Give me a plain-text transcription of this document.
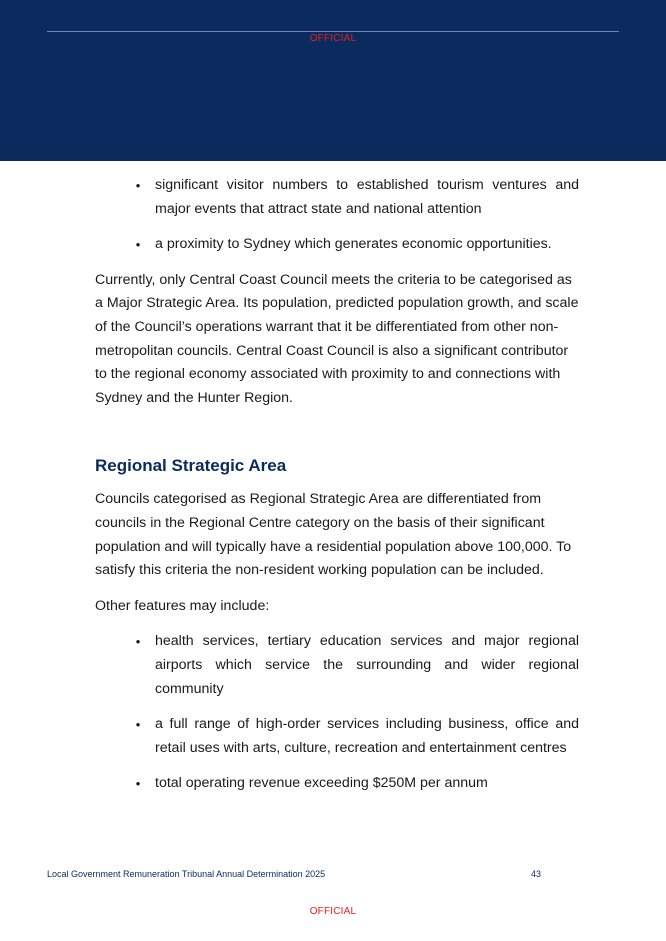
OFFICIAL
•	significant visitor numbers to established tourism ventures and major events that attract state and national attention
•	a proximity to Sydney which generates economic opportunities.

Currently, only Central Coast Council meets the criteria to be categorised as a Major Strategic Area. Its population, predicted population growth, and scale of the Council’s operations warrant that it be differentiated from other non-metropolitan councils. Central Coast Council is also a significant contributor to the regional economy associated with proximity to and connections with Sydney and the Hunter Region.

Regional Strategic Area

Councils categorised as Regional Strategic Area are differentiated from councils in the Regional Centre category on the basis of their significant population and will typically have a residential population above 100,000. To satisfy this criteria the non-resident working population can be included.

Other features may include:

•	health services, tertiary education services and major regional airports which service the surrounding and wider regional community
•	a full range of high-order services including business, office and retail uses with arts, culture, recreation and entertainment centres
•	total operating revenue exceeding $250M per annum
Local Government Remuneration Tribunal Annual Determination 2025	43
OFFICIAL
